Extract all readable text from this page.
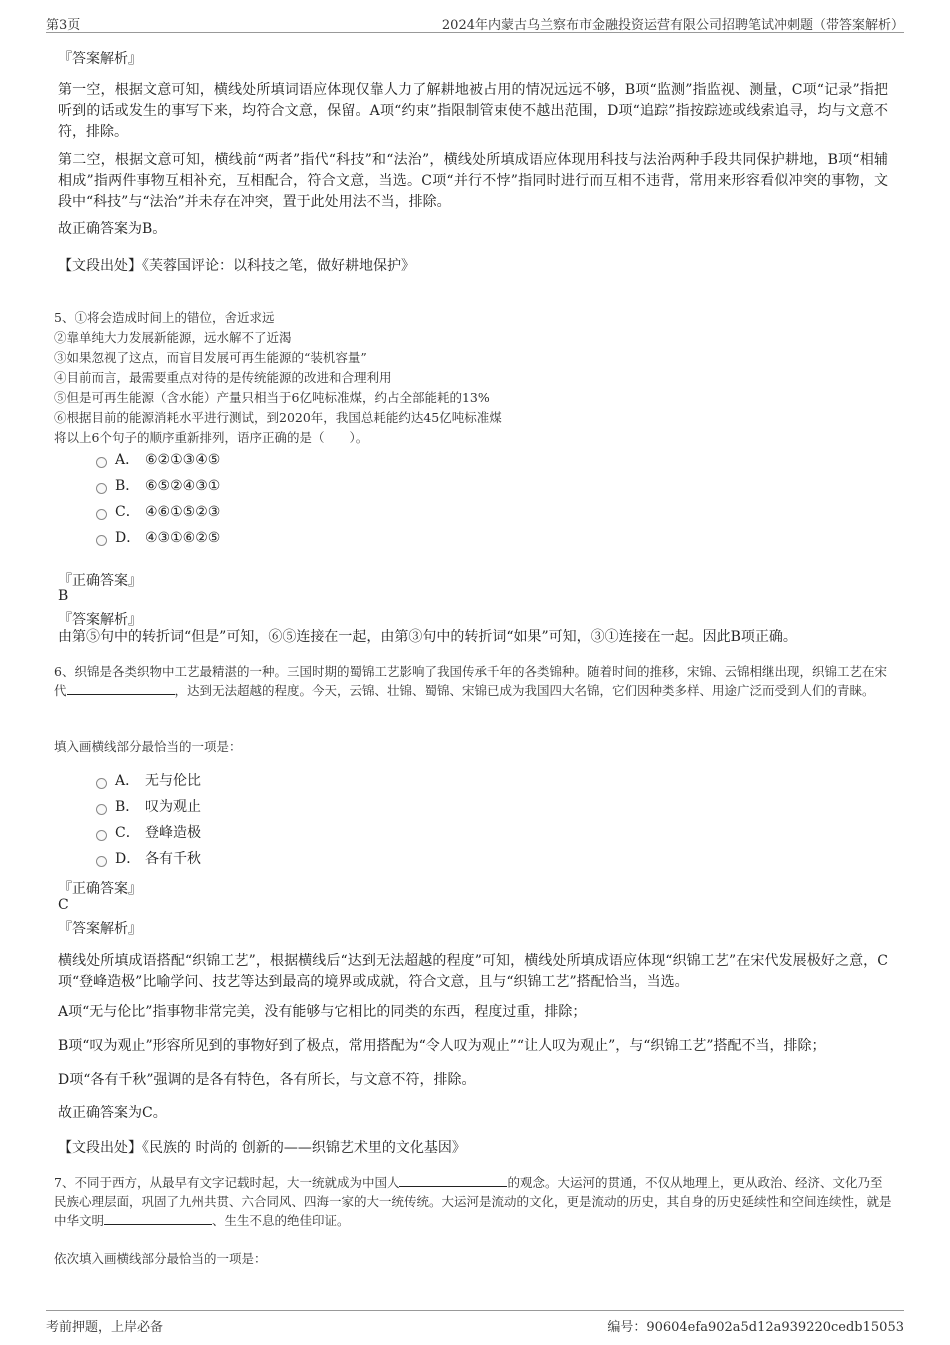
第3页	2024年内蒙古乌兰察布市金融投资运营有限公司招聘笔试冲刺题（带答案解析）
『答案解析』
第一空，根据文意可知，横线处所填词语应体现仅靠人力了解耕地被占用的情况远远不够，B项“监测”指监视、测量，C项“记录”指把听到的话或发生的事写下来，均符合文意，保留。A项“约束”指限制管束使不越出范围，D项“追踪”指按踪迹或线索追寻，均与文意不符，排除。
第二空，根据文意可知，横线前“两者”指代“科技”和“法治”，横线处所填成语应体现用科技与法治两种手段共同保护耕地，B项“相辅相成”指两件事物互相补充，互相配合，符合文意，当选。C项“并行不悖”指同时进行而互相不违背，常用来形容看似冲突的事物，文段中“科技”与“法治”并未存在冲突，置于此处用法不当，排除。
故正确答案为B。
【文段出处】《芙蓉国评论：以科技之笔，做好耕地保护》
5、①将会造成时间上的错位，舍近求远
②靠单纯大力发展新能源，远水解不了近渴
③如果忽视了这点，而盲目发展可再生能源的“装机容量”
④目前而言，最需要重点对待的是传统能源的改进和合理利用
⑤但是可再生能源（含水能）产量只相当于6亿吨标准煤，约占全部能耗的13%
⑥根据目前的能源消耗水平进行测试，到2020年，我国总耗能约达45亿吨标准煤
将以上6个句子的顺序重新排列，语序正确的是（　　）。
A． ⑥②①③④⑤
B． ⑥⑤②④③①
C． ④⑥①⑤②③
D． ④③①⑥②⑤
『正确答案』
B
『答案解析』
由第⑤句中的转折词“但是”可知，⑥⑤连接在一起，由第③句中的转折词“如果”可知，③①连接在一起。因此B项正确。
6、织锦是各类织物中工艺最精湛的一种。三国时期的蜀锦工艺影响了我国传承千年的各类锦种。随着时间的推移，宋锦、云锦相继出现，织锦工艺在宋代	，达到无法超越的程度。今天，云锦、壮锦、蜀锦、宋锦已成为我国四大名锦，它们因种类多样、用途广泛而受到人们的青睐。
填入画横线部分最恰当的一项是：
A． 无与伦比
B． 叹为观止
C． 登峰造极
D． 各有千秋
『正确答案』
C
『答案解析』
横线处所填成语搭配“织锦工艺”，根据横线后“达到无法超越的程度”可知，横线处所填成语应体现“织锦工艺”在宋代发展极好之意，C项“登峰造极”比喻学问、技艺等达到最高的境界或成就，符合文意，且与“织锦工艺”搭配恰当，当选。
A项“无与伦比”指事物非常完美，没有能够与它相比的同类的东西，程度过重，排除；
B项“叹为观止”形容所见到的事物好到了极点，常用搭配为“令人叹为观止”“让人叹为观止”，与“织锦工艺”搭配不当，排除；
D项“各有千秋”强调的是各有特色，各有所长，与文意不符，排除。
故正确答案为C。
【文段出处】《民族的 时尚的 创新的——织锦艺术里的文化基因》
7、不同于西方，从最早有文字记载时起，大一统就成为中国人	的观念。大运河的贯通，不仅从地理上，更从政治、经济、文化乃至民族心理层面，巩固了九州共贯、六合同风、四海一家的大一统传统。大运河是流动的文化，更是流动的历史，其自身的历史延续性和空间连续性，就是中华文明	、生生不息的绝佳印证。
依次填入画横线部分最恰当的一项是：
考前押题，上岸必备	编号：90604efa902a5d12a939220cedb15053
